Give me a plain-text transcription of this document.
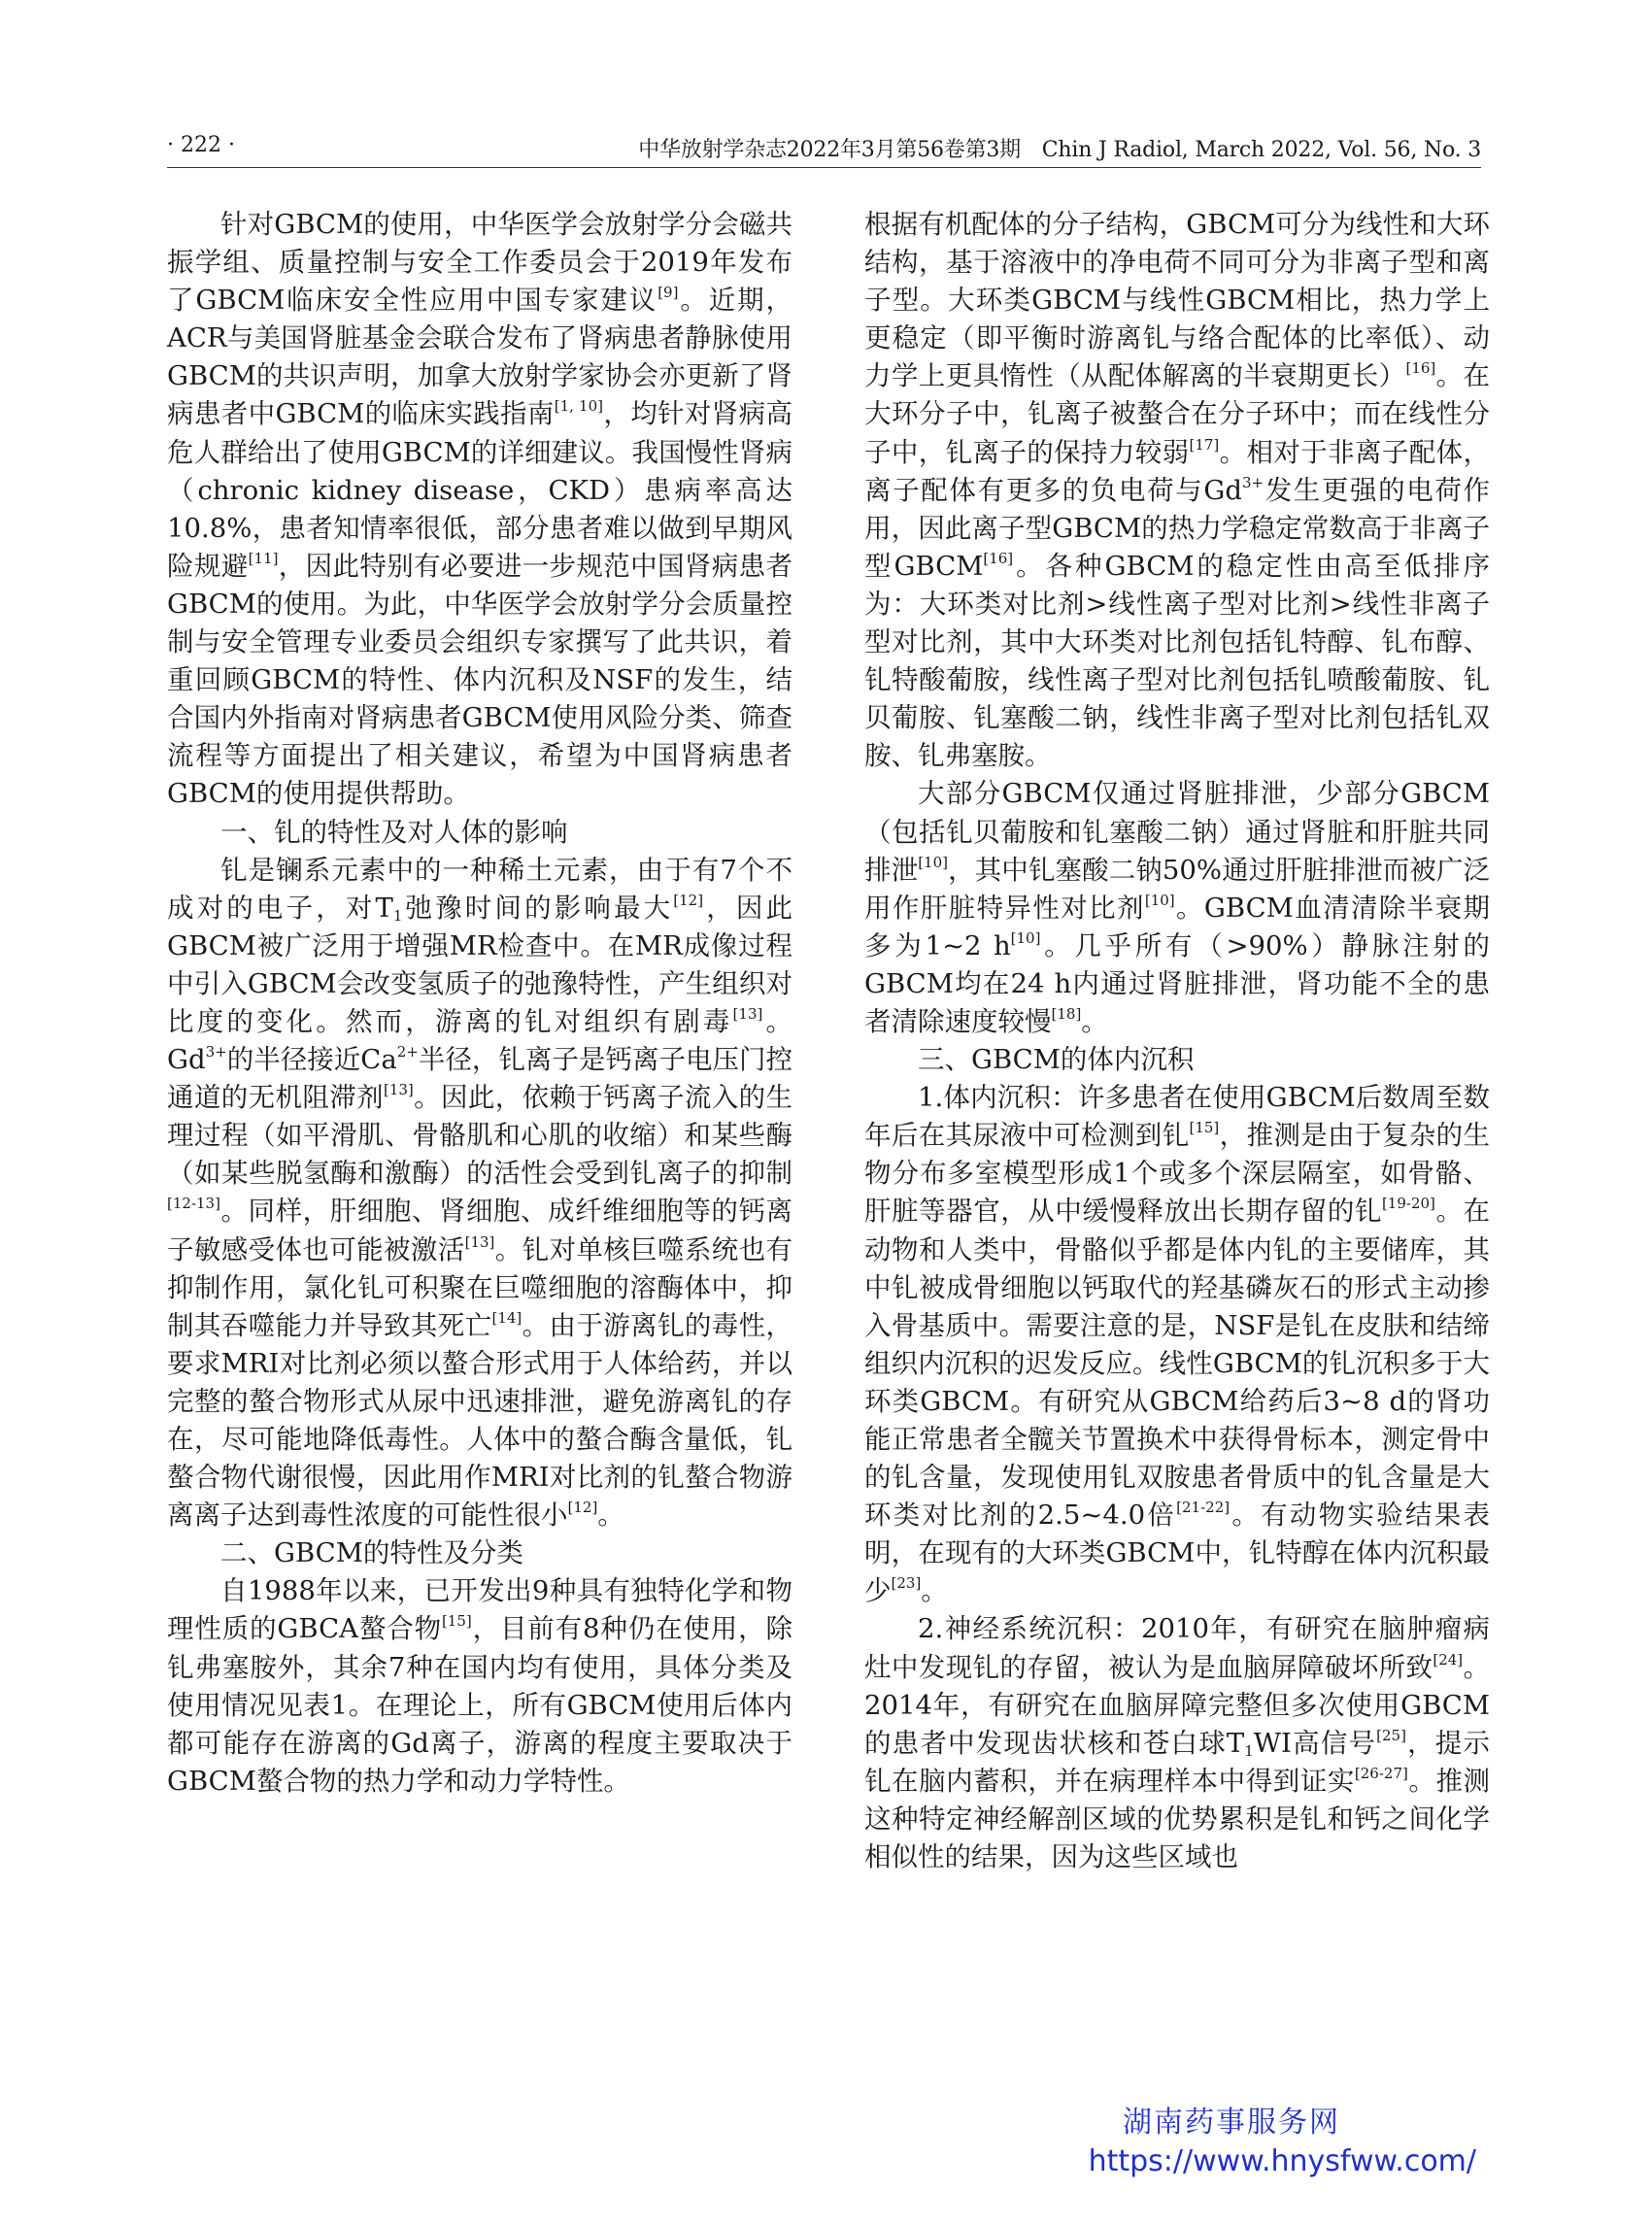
· 222 ·	中华放射学杂志2022年3月第56卷第3期　Chin J Radiol, March 2022, Vol. 56, No. 3

针对GBCM的使用，中华医学会放射学分会磁共振学组、质量控制与安全工作委员会于2019年发布了GBCM临床安全性应用中国专家建议[9]。近期，ACR与美国肾脏基金会联合发布了肾病患者静脉使用GBCM的共识声明，加拿大放射学家协会亦更新了肾病患者中GBCM的临床实践指南[1, 10]，均针对肾病高危人群给出了使用GBCM的详细建议。我国慢性肾病（chronic kidney disease，CKD）患病率高达10.8%，患者知情率很低，部分患者难以做到早期风险规避[11]，因此特别有必要进一步规范中国肾病患者GBCM的使用。为此，中华医学会放射学分会质量控制与安全管理专业委员会组织专家撰写了此共识，着重回顾GBCM的特性、体内沉积及NSF的发生，结合国内外指南对肾病患者GBCM使用风险分类、筛查流程等方面提出了相关建议，希望为中国肾病患者GBCM的使用提供帮助。

一、钆的特性及对人体的影响

钆是镧系元素中的一种稀土元素，由于有7个不成对的电子，对$T_1$弛豫时间的影响最大[12]，因此GBCM被广泛用于增强MR检查中。在MR成像过程中引入GBCM会改变氢质子的弛豫特性，产生组织对比度的变化。然而，游离的钆对组织有剧毒[13]。$Gd^{3+}$的半径接近$Ca^{2+}$半径，钆离子是钙离子电压门控通道的无机阻滞剂[13]。因此，依赖于钙离子流入的生理过程（如平滑肌、骨骼肌和心肌的收缩）和某些酶（如某些脱氢酶和激酶）的活性会受到钆离子的抑制[12-13]。同样，肝细胞、肾细胞、成纤维细胞等的钙离子敏感受体也可能被激活[13]。钆对单核巨噬系统也有抑制作用，氯化钆可积聚在巨噬细胞的溶酶体中，抑制其吞噬能力并导致其死亡[14]。由于游离钆的毒性，要求MRI对比剂必须以螯合形式用于人体给药，并以完整的螯合物形式从尿中迅速排泄，避免游离钆的存在，尽可能地降低毒性。人体中的螯合酶含量低，钆螯合物代谢很慢，因此用作MRI对比剂的钆螯合物游离离子达到毒性浓度的可能性很小[12]。

二、GBCM的特性及分类

自1988年以来，已开发出9种具有独特化学和物理性质的GBCA螯合物[15]，目前有8种仍在使用，除钆弗塞胺外，其余7种在国内均有使用，具体分类及使用情况见表1。在理论上，所有GBCM使用后体内都可能存在游离的Gd离子，游离的程度主要取决于GBCM螯合物的热力学和动力学特性。

根据有机配体的分子结构，GBCM可分为线性和大环结构，基于溶液中的净电荷不同可分为非离子型和离子型。大环类GBCM与线性GBCM相比，热力学上更稳定（即平衡时游离钆与络合配体的比率低）、动力学上更具惰性（从配体解离的半衰期更长）[16]。在大环分子中，钆离子被螯合在分子环中；而在线性分子中，钆离子的保持力较弱[17]。相对于非离子配体，离子配体有更多的负电荷与$Gd^{3+}$发生更强的电荷作用，因此离子型GBCM的热力学稳定常数高于非离子型GBCM[16]。各种GBCM的稳定性由高至低排序为：大环类对比剂>线性离子型对比剂>线性非离子型对比剂，其中大环类对比剂包括钆特醇、钆布醇、钆特酸葡胺，线性离子型对比剂包括钆喷酸葡胺、钆贝葡胺、钆塞酸二钠，线性非离子型对比剂包括钆双胺、钆弗塞胺。

大部分GBCM仅通过肾脏排泄，少部分GBCM（包括钆贝葡胺和钆塞酸二钠）通过肾脏和肝脏共同排泄[10]，其中钆塞酸二钠50%通过肝脏排泄而被广泛用作肝脏特异性对比剂[10]。GBCM血清清除半衰期多为1~2 h[10]。几乎所有（>90%）静脉注射的GBCM均在24 h内通过肾脏排泄，肾功能不全的患者清除速度较慢[18]。

三、GBCM的体内沉积

1.体内沉积：许多患者在使用GBCM后数周至数年后在其尿液中可检测到钆[15]，推测是由于复杂的生物分布多室模型形成1个或多个深层隔室，如骨骼、肝脏等器官，从中缓慢释放出长期存留的钆[19-20]。在动物和人类中，骨骼似乎都是体内钆的主要储库，其中钆被成骨细胞以钙取代的羟基磷灰石的形式主动掺入骨基质中。需要注意的是，NSF是钆在皮肤和结缔组织内沉积的迟发反应。线性GBCM的钆沉积多于大环类GBCM。有研究从GBCM给药后3~8 d的肾功能正常患者全髋关节置换术中获得骨标本，测定骨中的钆含量，发现使用钆双胺患者骨质中的钆含量是大环类对比剂的2.5~4.0倍[21-22]。有动物实验结果表明，在现有的大环类GBCM中，钆特醇在体内沉积最少[23]。

2.神经系统沉积：2010年，有研究在脑肿瘤病灶中发现钆的存留，被认为是血脑屏障破坏所致[24]。2014年，有研究在血脑屏障完整但多次使用GBCM的患者中发现齿状核和苍白球$T_1WI$高信号[25]，提示钆在脑内蓄积，并在病理样本中得到证实[26-27]。推测这种特定神经解剖区域的优势累积是钆和钙之间化学相似性的结果，因为这些区域也

湖南药事服务网
https://www.hnysfww.com/
